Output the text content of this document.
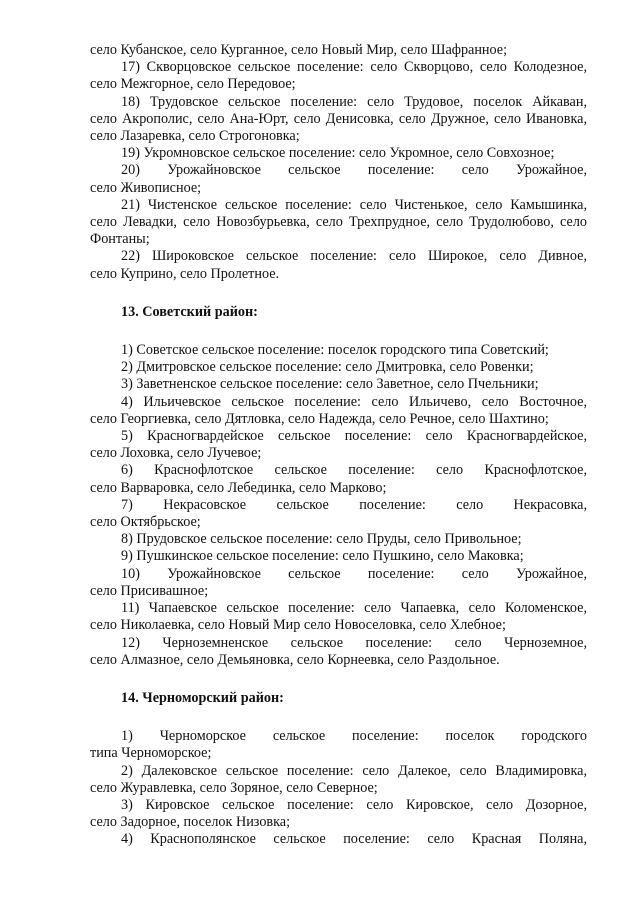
село Кубанское, село Курганное, село Новый Мир, село Шафранное;

17) Скворцовское сельское поселение: село Скворцово, село Колодезное,
село Межгорное, село Передовое;

18) Трудовское сельское поселение: село Трудовое, поселок Айкаван,
село Акрополис, село Ана-Юрт, село Денисовка, село Дружное, село Ивановка, село Лазаревка, село Строгоновка;

19) Укромновское сельское поселение: село Укромное, село Совхозное;

20) Урожайновское сельское поселение: село Урожайное,
село Живописное;

21) Чистенское сельское поселение: село Чистенькое, село Камышинка,
село Левадки, село Новозбурьевка, село Трехпрудное, село Трудолюбово, село Фонтаны;

22) Широковское сельское поселение: село Широкое, село Дивное,
село Куприно, село Пролетное.

13. Советский район:

1) Советское сельское поселение: поселок городского типа Советский;

2) Дмитровское сельское поселение: село Дмитровка, село Ровенки;

3) Заветненское сельское поселение: село Заветное, село Пчельники;

4) Ильичевское сельское поселение: село Ильичево, село Восточное,
село Георгиевка, село Дятловка, село Надежда, село Речное, село Шахтино;

5) Красногвардейское сельское поселение: село Красногвардейское,
село Лоховка, село Лучевое;

6) Краснофлотское сельское поселение: село Краснофлотское,
село Варваровка, село Лебединка, село Марково;

7) Некрасовское сельское поселение: село Некрасовка,
село Октябрьское;

8) Прудовское сельское поселение: село Пруды, село Привольное;

9) Пушкинское сельское поселение: село Пушкино, село Маковка;

10) Урожайновское сельское поселение: село Урожайное,
село Присивашное;

11) Чапаевское сельское поселение: село Чапаевка, село Коломенское,
село Николаевка, село Новый Мир село Новоселовка, село Хлебное;

12) Черноземненское сельское поселение: село Черноземное,
село Алмазное, село Демьяновка, село Корнеевка, село Раздольное.

14. Черноморский район:

1) Черноморское сельское поселение: поселок городского
типа Черноморское;

2) Далековское сельское поселение: село Далекое, село Владимировка,
село Журавлевка, село Зоряное, село Северное;

3) Кировское сельское поселение: село Кировское, село Дозорное,
село Задорное, поселок Низовка;

4) Краснополянское сельское поселение: село Красная Поляна,
